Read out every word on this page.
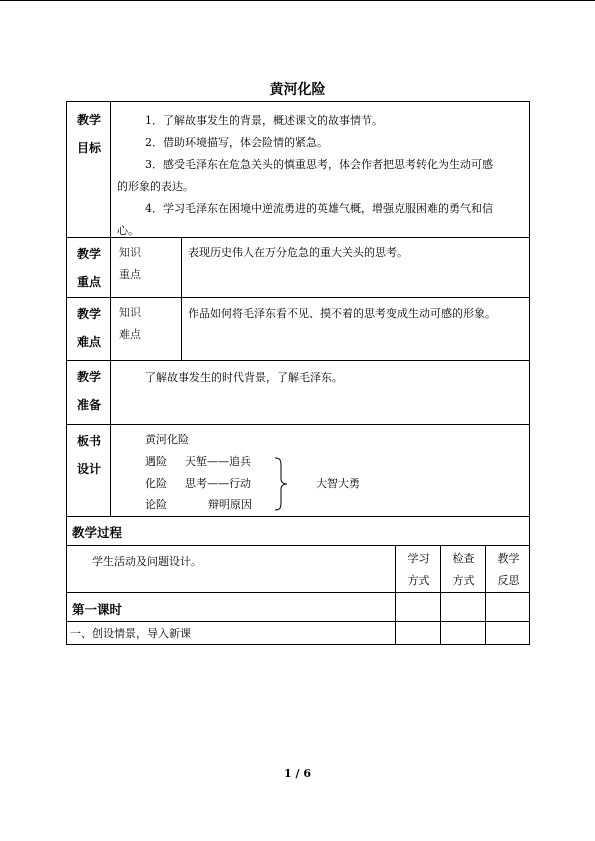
黄河化险
教学
目标
1．了解故事发生的背景，概述课文的故事情节。
2．借助环境描写，体会险情的紧急。
3．感受毛泽东在危急关头的慎重思考，体会作者把思考转化为生动可感
的形象的表达。
4．学习毛泽东在困境中逆流勇进的英雄气概，增强克服困难的勇气和信
心。
教学
重点
知识
重点
表现历史伟人在万分危急的重大关头的思考。
教学
难点
知识
难点
作品如何将毛泽东看不见、摸不着的思考变成生动可感的形象。
教学
准备
了解故事发生的时代背景，了解毛泽东。
板书
设计
黄河化险
遇险 天堑——追兵
化险 思考——行动
论险	辩明原因
大智大勇
教学过程
学生活动及问题设计。	学习
方式
检查
方式
教学
反思
第一课时
一、创设情景，导入新课
1 / 6
